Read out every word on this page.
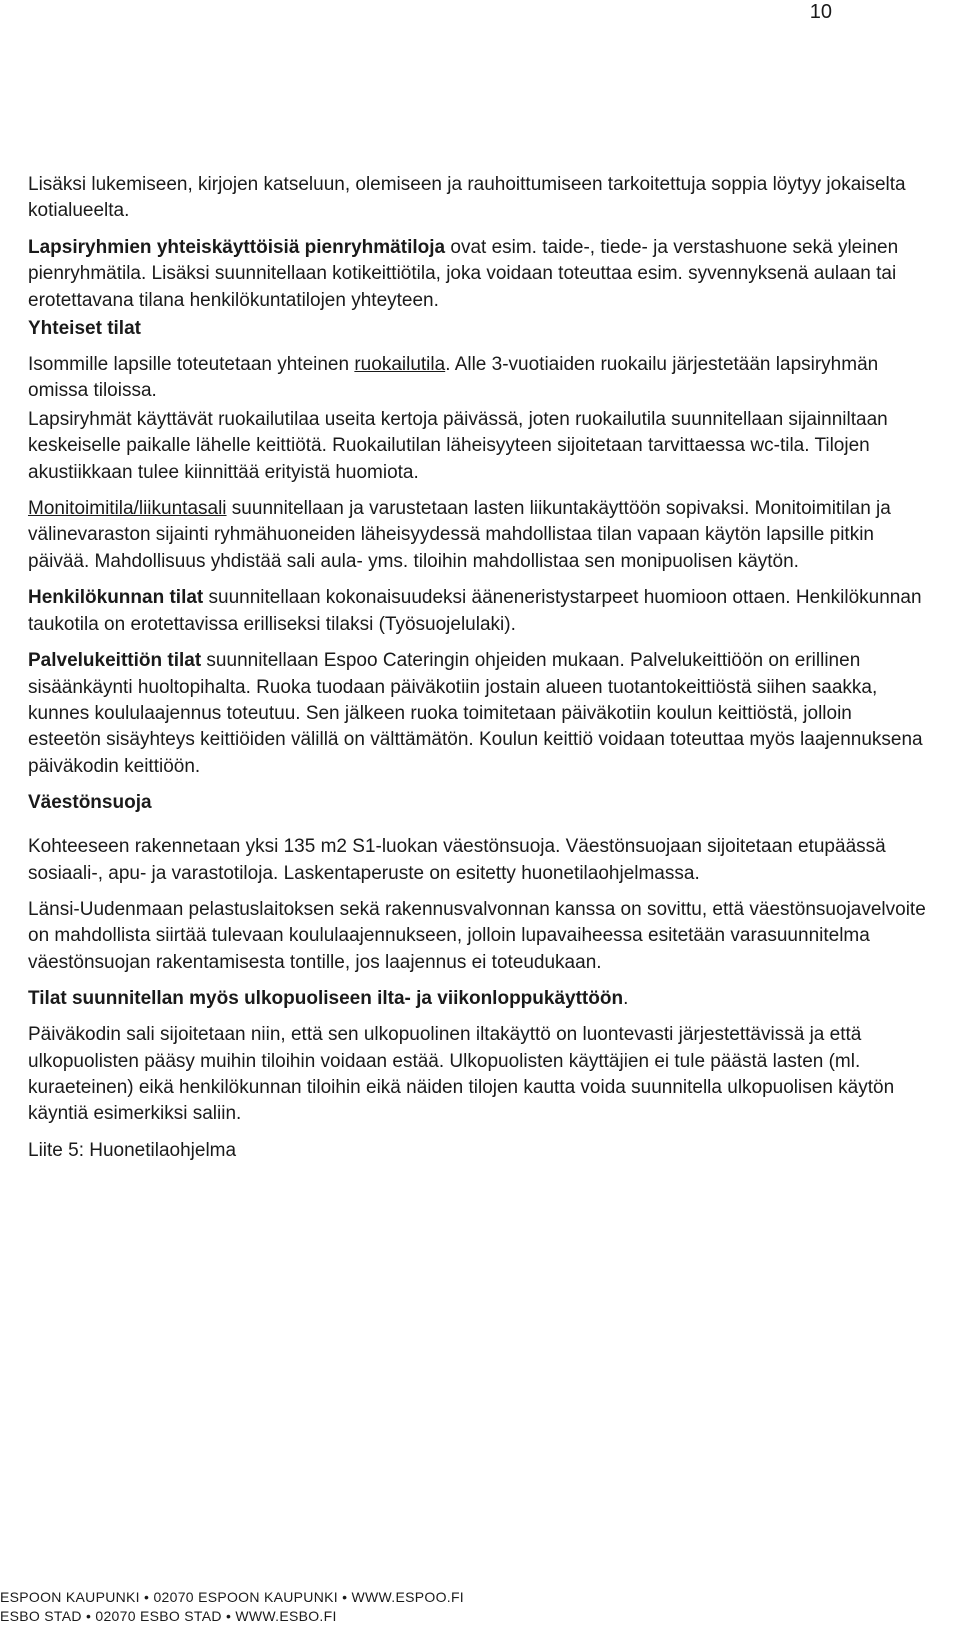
10

Lisäksi lukemiseen, kirjojen katseluun, olemiseen ja rauhoittumiseen tarkoitettuja soppia löytyy jokaiselta kotialueelta.

Lapsiryhmien yhteiskäyttöisiä pienryhmätiloja ovat esim. taide-, tiede- ja verstashuone sekä yleinen pienryhmätila. Lisäksi suunnitellaan kotikeittiötila, joka voidaan toteuttaa esim. syvennyksenä aulaan tai erotettavana tilana henkilökuntatilojen yhteyteen.

Yhteiset tilat

Isommille lapsille toteutetaan yhteinen ruokailutila. Alle 3-vuotiaiden ruokailu järjestetään lapsiryhmän omissa tiloissa.

Lapsiryhmät käyttävät ruokailutilaa useita kertoja päivässä, joten ruokailutila suunnitellaan sijainniltaan keskeiselle paikalle lähelle keittiötä. Ruokailutilan läheisyyteen sijoitetaan tarvittaessa wc-tila. Tilojen akustiikkaan tulee kiinnittää erityistä huomiota.

Monitoimitila/liikuntasali suunnitellaan ja varustetaan lasten liikuntakäyttöön sopivaksi. Monitoimitilan ja välinevaraston sijainti ryhmähuoneiden läheisyydessä mahdollistaa tilan vapaan käytön lapsille pitkin päivää. Mahdollisuus yhdistää sali aula- yms. tiloihin mahdollistaa sen monipuolisen käytön.

Henkilökunnan tilat suunnitellaan kokonaisuudeksi ääneneristystarpeet huomioon ottaen. Henkilökunnan taukotila on erotettavissa erilliseksi tilaksi (Työsuojelulaki).

Palvelukeittiön tilat suunnitellaan Espoo Cateringin ohjeiden mukaan. Palvelukeittiöön on erillinen sisäänkäynti huoltopihalta. Ruoka tuodaan päiväkotiin jostain alueen tuotantokeittiöstä siihen saakka, kunnes koululaajennus toteutuu. Sen jälkeen ruoka toimitetaan päiväkotiin koulun keittiöstä, jolloin esteetön sisäyhteys keittiöiden välillä on välttämätön. Koulun keittiö voidaan toteuttaa myös laajennuksena päiväkodin keittiöön.

Väestönsuoja

Kohteeseen rakennetaan yksi 135 m2 S1-luokan väestönsuoja. Väestönsuojaan sijoitetaan etupäässä sosiaali-, apu- ja varastotiloja. Laskentaperuste on esitetty huonetilaohjelmassa.

Länsi-Uudenmaan pelastuslaitoksen sekä rakennusvalvonnan kanssa on sovittu, että väestönsuojavelvoite on mahdollista siirtää tulevaan koululaajennukseen, jolloin lupavaiheessa esitetään varasuunnitelma väestönsuojan rakentamisesta tontille, jos laajennus ei toteudukaan.

Tilat suunnitellan myös ulkopuoliseen ilta- ja viikonloppukäyttöön.

Päiväkodin sali sijoitetaan niin, että sen ulkopuolinen iltakäyttö on luontevasti järjestettävissä ja että ulkopuolisten pääsy muihin tiloihin voidaan estää. Ulkopuolisten käyttäjien ei tule päästä lasten (ml. kuraeteinen) eikä henkilökunnan tiloihin eikä näiden tilojen kautta voida suunnitella ulkopuolisen käytön käyntiä esimerkiksi saliin.

Liite 5: Huonetilaohjelma

ESPOON KAUPUNKI • 02070 ESPOON KAUPUNKI • WWW.ESPOO.FI
ESBO STAD • 02070 ESBO STAD • WWW.ESBO.FI
